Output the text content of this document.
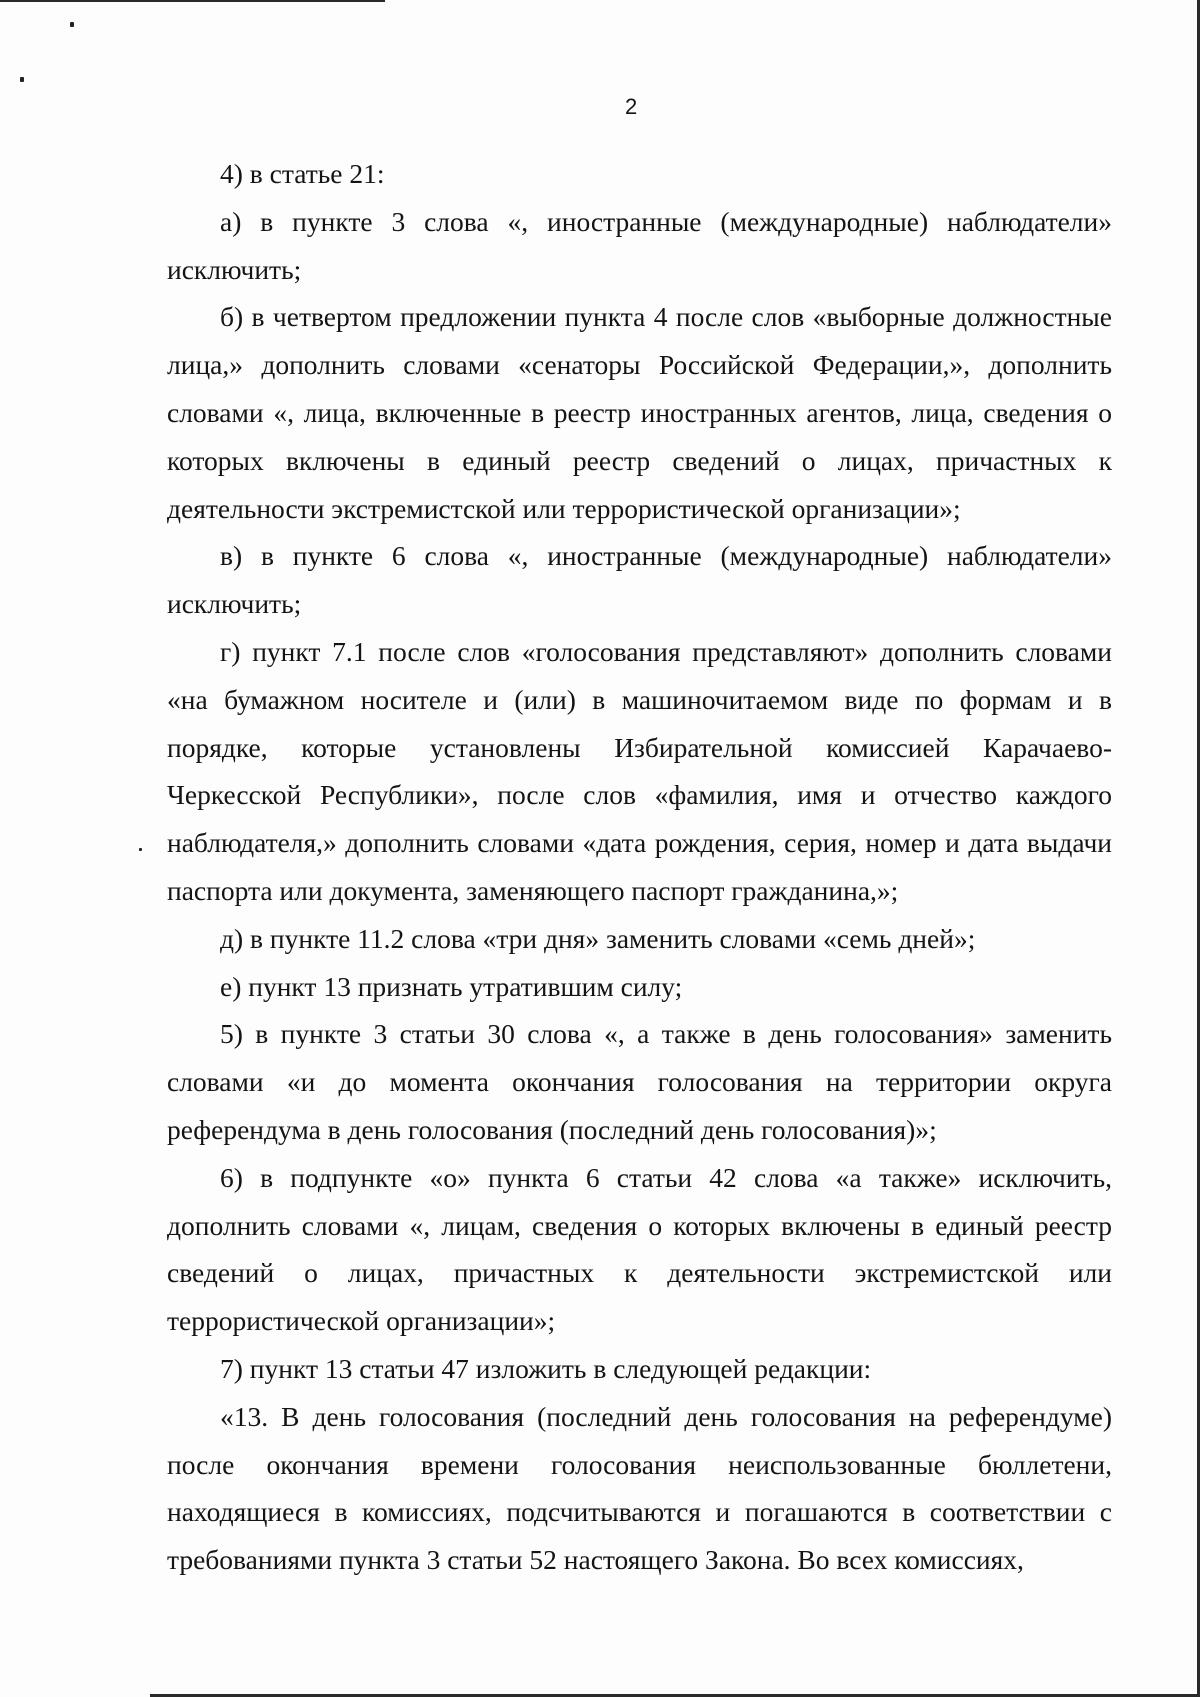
2

4) в статье 21:

а) в пункте 3 слова «, иностранные (международные) наблюдатели» исключить;

б) в четвертом предложении пункта 4 после слов «выборные должностные лица,» дополнить словами «сенаторы Российской Федерации,», дополнить словами «, лица, включенные в реестр иностранных агентов, лица, сведения о которых включены в единый реестр сведений о лицах, причастных к деятельности экстремистской или террористической организации»;

в) в пункте 6 слова «, иностранные (международные) наблюдатели» исключить;

г) пункт 7.1 после слов «голосования представляют» дополнить словами «на бумажном носителе и (или) в машиночитаемом виде по формам и в порядке, которые установлены Избирательной комиссией Карачаево-Черкесской Республики», после слов «фамилия, имя и отчество каждого наблюдателя,» дополнить словами «дата рождения, серия, номер и дата выдачи паспорта или документа, заменяющего паспорт гражданина,»;

д) в пункте 11.2 слова «три дня» заменить словами «семь дней»;

е) пункт 13 признать утратившим силу;

5) в пункте 3 статьи 30 слова «, а также в день голосования» заменить словами «и до момента окончания голосования на территории округа референдума в день голосования (последний день голосования)»;

6) в подпункте «о» пункта 6 статьи 42 слова «а также» исключить, дополнить словами «, лицам, сведения о которых включены в единый реестр сведений о лицах, причастных к деятельности экстремистской или террористической организации»;

7) пункт 13 статьи 47 изложить в следующей редакции:

«13. В день голосования (последний день голосования на референдуме) после окончания времени голосования неиспользованные бюллетени, находящиеся в комиссиях, подсчитываются и погашаются в соответствии с требованиями пункта 3 статьи 52 настоящего Закона. Во всех комиссиях,
